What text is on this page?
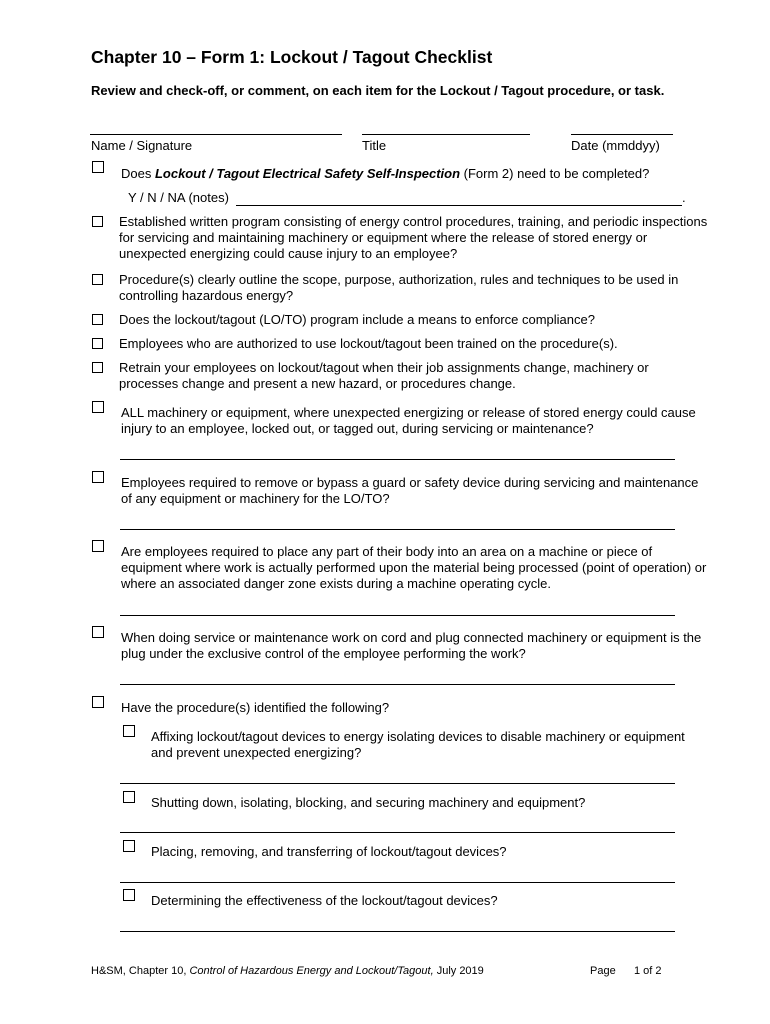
Chapter 10 – Form 1: Lockout / Tagout Checklist
Review and check-off, or comment, on each item for the Lockout / Tagout procedure, or task.
Name / Signature	Title	Date (mmddyy)
Does Lockout / Tagout Electrical Safety Self-Inspection (Form 2) need to be completed?
Y / N / NA (notes)	.
Established written program consisting of energy control procedures, training, and periodic inspections for servicing and maintaining machinery or equipment where the release of stored energy or unexpected energizing could cause injury to an employee?
Procedure(s) clearly outline the scope, purpose, authorization, rules and techniques to be used in controlling hazardous energy?
Does the lockout/tagout (LO/TO) program include a means to enforce compliance?
Employees who are authorized to use lockout/tagout been trained on the procedure(s).
Retrain your employees on lockout/tagout when their job assignments change, machinery or processes change and present a new hazard, or procedures change.
ALL machinery or equipment, where unexpected energizing or release of stored energy could cause injury to an employee, locked out, or tagged out, during servicing or maintenance?
Employees required to remove or bypass a guard or safety device during servicing and maintenance of any equipment or machinery for the LO/TO?
Are employees required to place any part of their body into an area on a machine or piece of equipment where work is actually performed upon the material being processed (point of operation) or where an associated danger zone exists during a machine operating cycle.
When doing service or maintenance work on cord and plug connected machinery or equipment is the plug under the exclusive control of the employee performing the work?
Have the procedure(s) identified the following?
Affixing lockout/tagout devices to energy isolating devices to disable machinery or equipment and prevent unexpected energizing?
Shutting down, isolating, blocking, and securing machinery and equipment?
Placing, removing, and transferring of lockout/tagout devices?
Determining the effectiveness of the lockout/tagout devices?
H&SM, Chapter 10, Control of Hazardous Energy and Lockout/Tagout, July 2019	Page 1 of 2
